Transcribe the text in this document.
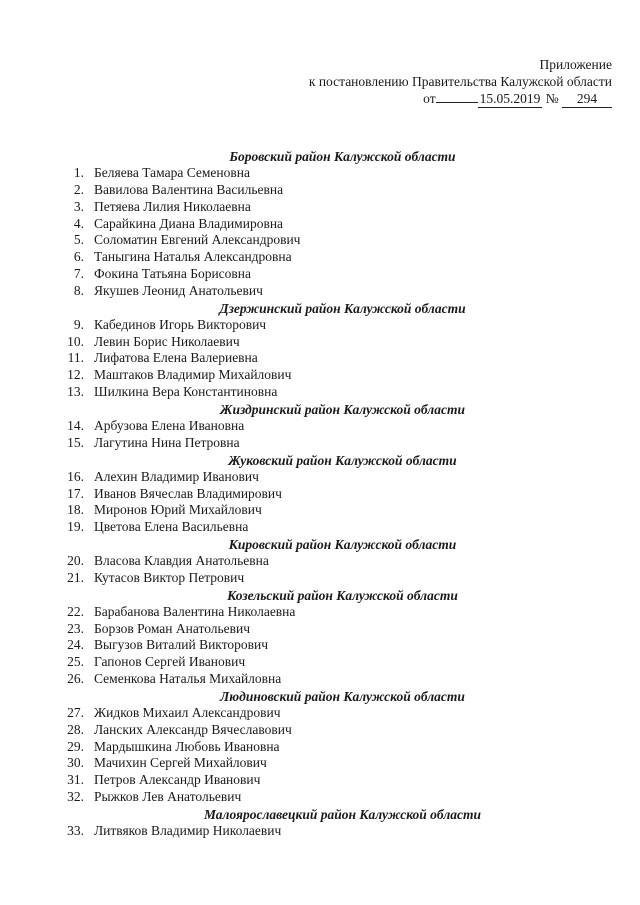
Приложение
к постановлению Правительства Калужской области
от	15.05.2019 № 294
Боровский район Калужской области
1. Беляева Тамара Семеновна
2. Вавилова Валентина Васильевна
3. Петяева Лилия Николаевна
4. Сарайкина Диана Владимировна
5. Соломатин Евгений Александрович
6. Таныгина Наталья Александровна
7. Фокина Татьяна Борисовна
8. Якушев Леонид Анатольевич
Дзержинский район Калужской области
9. Кабединов Игорь Викторович
10. Левин Борис Николаевич
11. Лифатова Елена Валериевна
12. Маштаков Владимир Михайлович
13. Шилкина Вера Константиновна
Жиздринский район Калужской области
14. Арбузова Елена Ивановна
15. Лагутина Нина Петровна
Жуковский район Калужской области
16. Алехин Владимир Иванович
17. Иванов Вячеслав Владимирович
18. Миронов Юрий Михайлович
19. Цветова Елена Васильевна
Кировский район Калужской области
20. Власова Клавдия Анатольевна
21. Кутасов Виктор Петрович
Козельский район Калужской области
22. Барабанова Валентина Николаевна
23. Борзов Роман Анатольевич
24. Выгузов Виталий Викторович
25. Гапонов Сергей Иванович
26. Семенкова Наталья Михайловна
Людиновский район Калужской области
27. Жидков Михаил Александрович
28. Ланских Александр Вячеславович
29. Мардышкина Любовь Ивановна
30. Мачихин Сергей Михайлович
31. Петров Александр Иванович
32. Рыжков Лев Анатольевич
Малоярославецкий район Калужской области
33. Литвяков Владимир Николаевич
